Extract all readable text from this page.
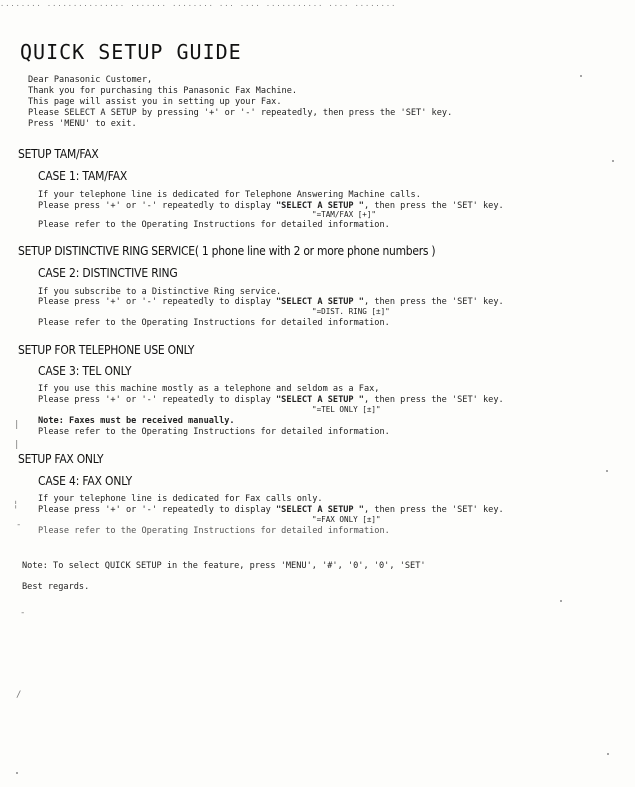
........ ............... ....... ........ ... .... ........... .... ........
QUICK SETUP GUIDE
Dear Panasonic Customer,
Thank you for purchasing this Panasonic Fax Machine.
This page will assist you in setting up your Fax.
Please SELECT A SETUP by pressing '+' or '-' repeatedly, then press the 'SET' key.
Press 'MENU' to exit.
SETUP TAM/FAX
CASE 1: TAM/FAX
If your telephone line is dedicated for Telephone Answering Machine calls.
Please press '+' or '-' repeatedly to display "SELECT A SETUP ", then press the 'SET' key.
"=TAM/FAX [+]"
Please refer to the Operating Instructions for detailed information.
SETUP DISTINCTIVE RING SERVICE( 1 phone line with 2 or more phone numbers )
CASE 2: DISTINCTIVE RING
If you subscribe to a Distinctive Ring service.
Please press '+' or '-' repeatedly to display "SELECT A SETUP ", then press the 'SET' key.
"=DIST. RING [±]"
Please refer to the Operating Instructions for detailed information.
SETUP FOR TELEPHONE USE ONLY
CASE 3: TEL ONLY
If you use this machine mostly as a telephone and seldom as a Fax,
Please press '+' or '-' repeatedly to display "SELECT A SETUP ", then press the 'SET' key.
"=TEL ONLY [±]"
Note: Faxes must be received manually.
Please refer to the Operating Instructions for detailed information.
SETUP FAX ONLY
CASE 4: FAX ONLY
If your telephone line is dedicated for Fax calls only.
Please press '+' or '-' repeatedly to display "SELECT A SETUP ", then press the 'SET' key.
"=FAX ONLY [±]"
Please refer to the Operating Instructions for detailed information.
Note: To select QUICK SETUP in the feature, press 'MENU', '#', '0', '0', 'SET'
Best regards.
|
|
¦
-
-
/
